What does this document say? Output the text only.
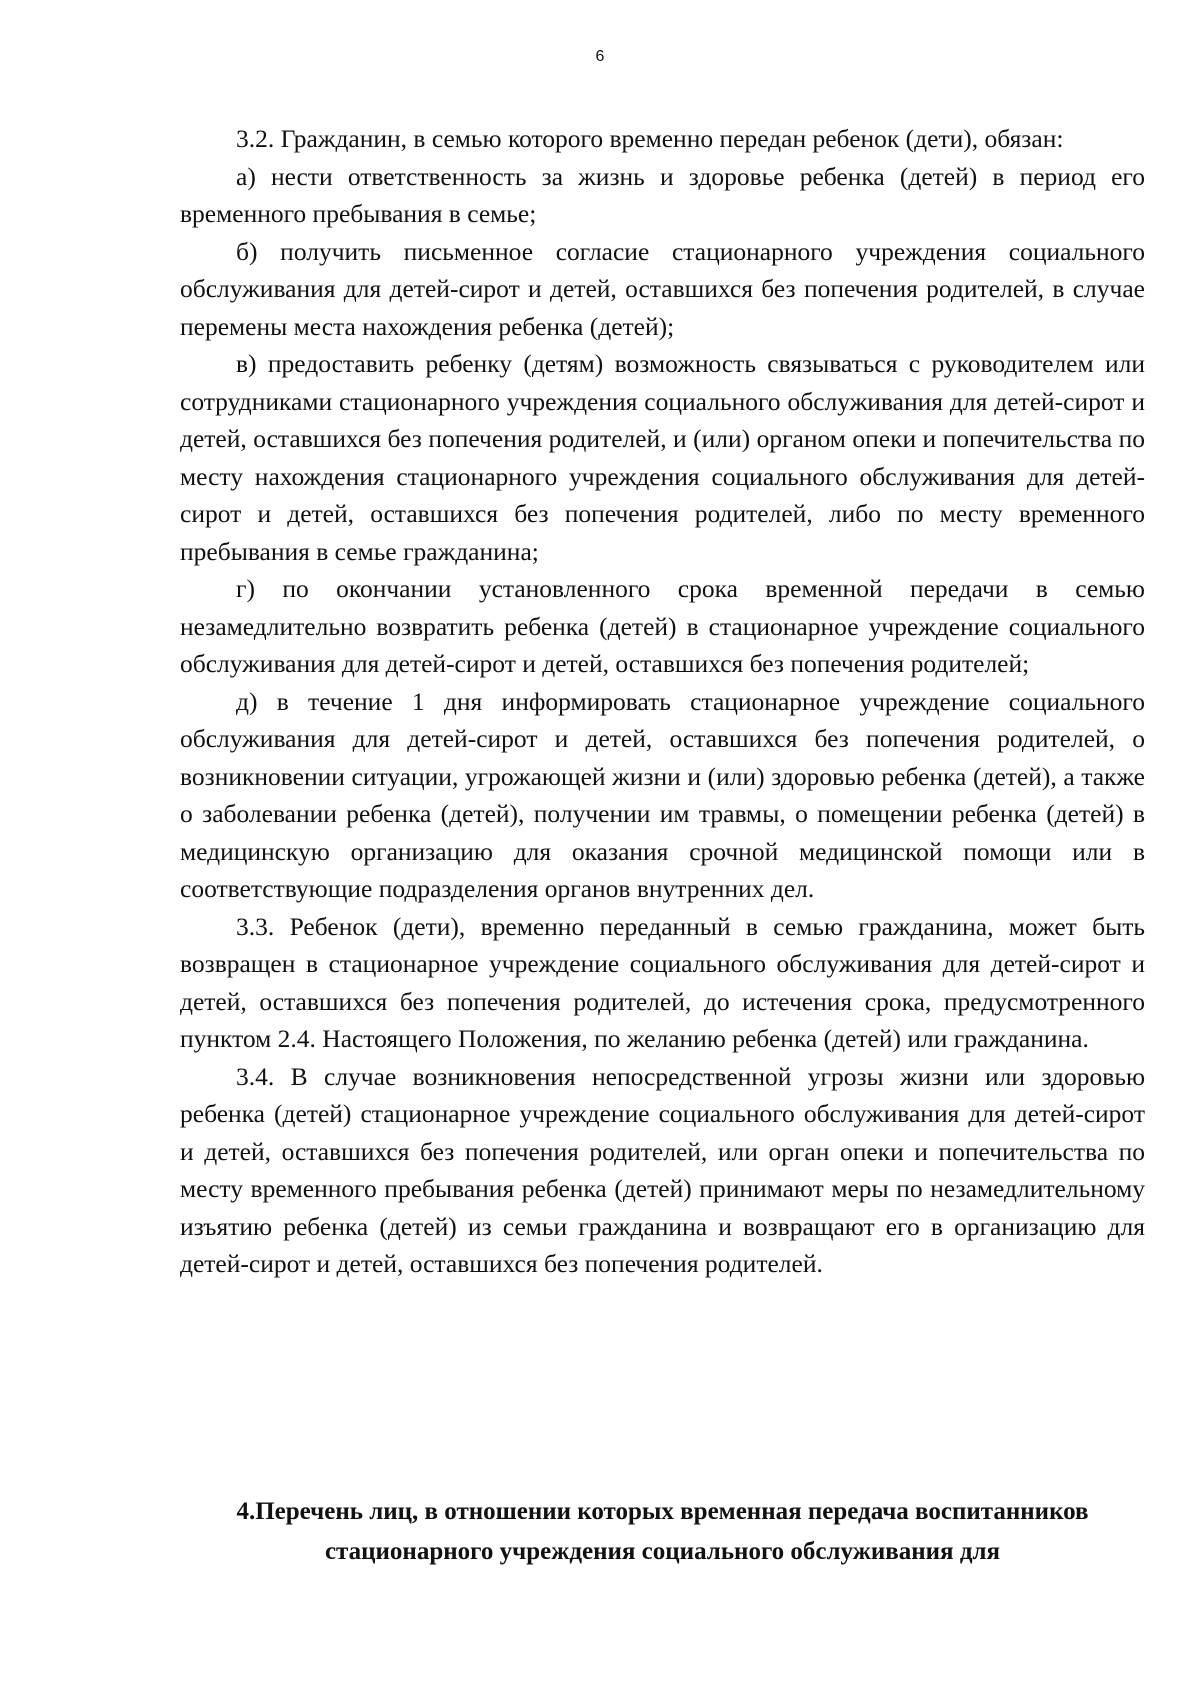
6

3.2. Гражданин, в семью которого временно передан ребенок (дети), обязан:

а) нести ответственность за жизнь и здоровье ребенка (детей) в период его временного пребывания в семье;

б) получить письменное согласие стационарного учреждения социального обслуживания для детей-сирот и детей, оставшихся без попечения родителей, в случае перемены места нахождения ребенка (детей);

в) предоставить ребенку (детям) возможность связываться с руководителем или сотрудниками стационарного учреждения социального обслуживания для детей-сирот и детей, оставшихся без попечения родителей, и (или) органом опеки и попечительства по месту нахождения стационарного учреждения социального обслуживания для детей-сирот и детей, оставшихся без попечения родителей, либо по месту временного пребывания в семье гражданина;

г) по окончании установленного срока временной передачи в семью незамедлительно возвратить ребенка (детей) в стационарное учреждение социального обслуживания для детей-сирот и детей, оставшихся без попечения родителей;

д) в течение 1 дня информировать стационарное учреждение социального обслуживания для детей-сирот и детей, оставшихся без попечения родителей, о возникновении ситуации, угрожающей жизни и (или) здоровью ребенка (детей), а также о заболевании ребенка (детей), получении им травмы, о помещении ребенка (детей) в медицинскую организацию для оказания срочной медицинской помощи или в соответствующие подразделения органов внутренних дел.

3.3. Ребенок (дети), временно переданный в семью гражданина, может быть возвращен в стационарное учреждение социального обслуживания для детей-сирот и детей, оставшихся без попечения родителей, до истечения срока, предусмотренного пунктом 2.4. Настоящего Положения, по желанию ребенка (детей) или гражданина.

3.4. В случае возникновения непосредственной угрозы жизни или здоровью ребенка (детей) стационарное учреждение социального обслуживания для детей-сирот и детей, оставшихся без попечения родителей, или орган опеки и попечительства по месту временного пребывания ребенка (детей) принимают меры по незамедлительному изъятию ребенка (детей) из семьи гражданина и возвращают его в организацию для детей-сирот и детей, оставшихся без попечения родителей.

4.Перечень лиц, в отношении которых временная передача воспитанников стационарного учреждения социального обслуживания для
